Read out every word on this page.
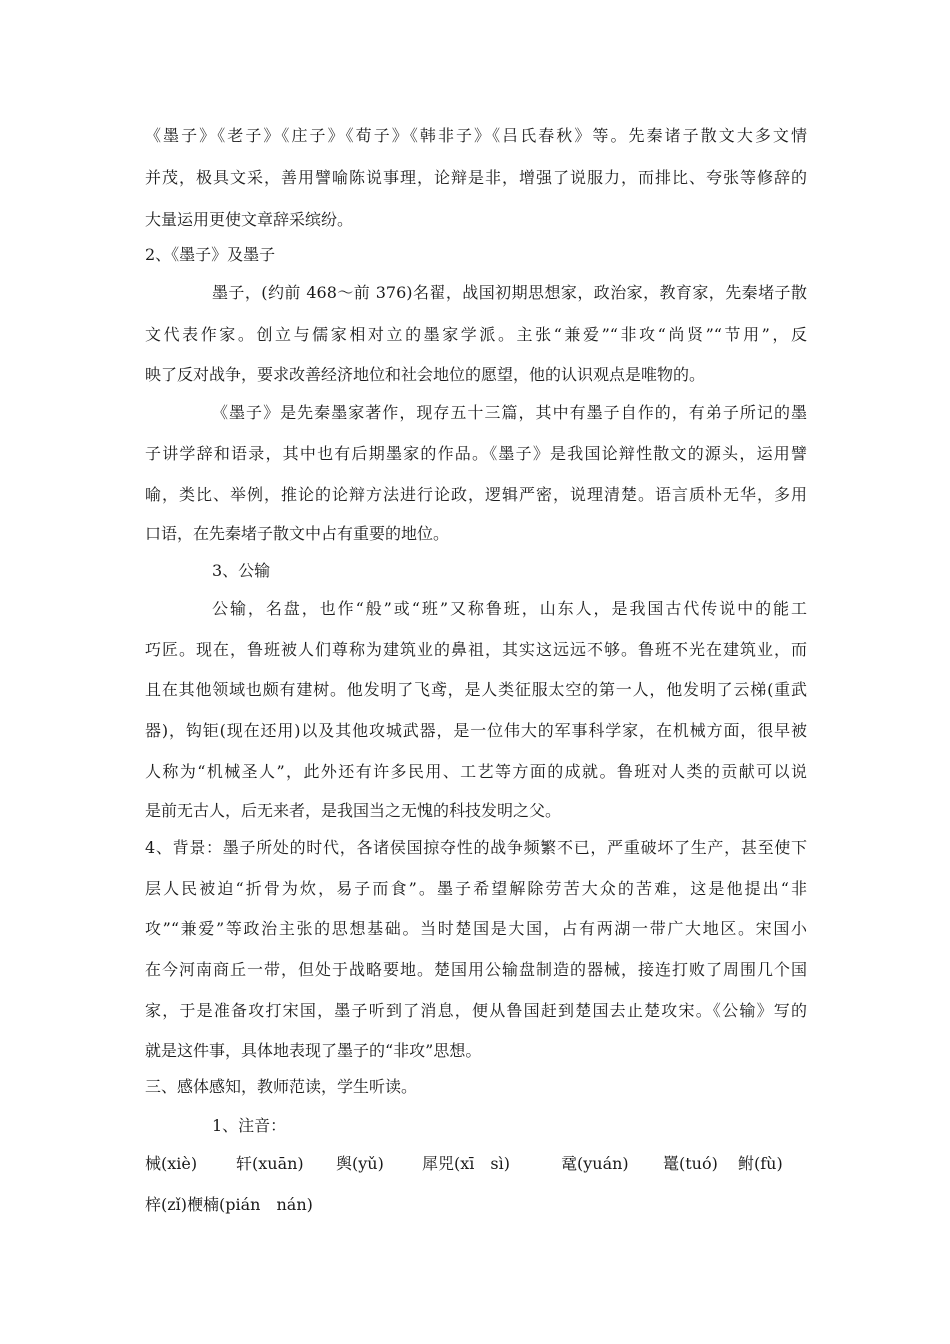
《墨子》《老子》《庄子》《荀子》《韩非子》《吕氏春秋》等。先秦诸子散文大多文情
并茂，极具文采，善用譬喻陈说事理，论辩是非，增强了说服力，而排比、夸张等修辞的
大量运用更使文章辞采缤纷。
2、《墨子》及墨子
墨子，(约前 468～前 376)名翟，战国初期思想家，政治家，教育家，先秦堵子散
文代表作家。创立与儒家相对立的墨家学派。主张“兼爱”“非攻“尚贤”“节用”，反
映了反对战争，要求改善经济地位和社会地位的愿望，他的认识观点是唯物的。
《墨子》是先秦墨家著作，现存五十三篇，其中有墨子自作的，有弟子所记的墨
子讲学辞和语录，其中也有后期墨家的作品。《墨子》是我国论辩性散文的源头，运用譬
喻，类比、举例，推论的论辩方法进行论政，逻辑严密，说理清楚。语言质朴无华，多用
口语，在先秦堵子散文中占有重要的地位。
3、公输
公输，名盘，也作“般”或“班”又称鲁班，山东人，是我国古代传说中的能工
巧匠。现在，鲁班被人们尊称为建筑业的鼻祖，其实这远远不够。鲁班不光在建筑业，而
且在其他领域也颇有建树。他发明了飞鸢，是人类征服太空的第一人，他发明了云梯(重武
器)，钩钜(现在还用)以及其他攻城武器，是一位伟大的军事科学家，在机械方面，很早被
人称为“机械圣人”，此外还有许多民用、工艺等方面的成就。鲁班对人类的贡献可以说
是前无古人，后无来者，是我国当之无愧的科技发明之父。
4、背景：墨子所处的时代，各诸侯国掠夺性的战争频繁不已，严重破坏了生产，甚至使下
层人民被迫“折骨为炊，易子而食”。墨子希望解除劳苦大众的苦难，这是他提出“非
攻”“兼爱”等政治主张的思想基础。当时楚国是大国，占有两湖一带广大地区。宋国小
在今河南商丘一带，但处于战略要地。楚国用公输盘制造的器械，接连打败了周围几个国
家，于是准备攻打宋国，墨子听到了消息，便从鲁国赶到楚国去止楚攻宋。《公输》写的
就是这件事，具体地表现了墨子的“非攻”思想。
三、感体感知，教师范读，学生听读。
1、注音：
械(xiè) 轩(xuān) 舆(yǔ) 犀兕(xī　sì)	鼋(yuán) 鼍(tuó) 鲋(fù)
梓(zǐ)楩楠(pián　nán)
